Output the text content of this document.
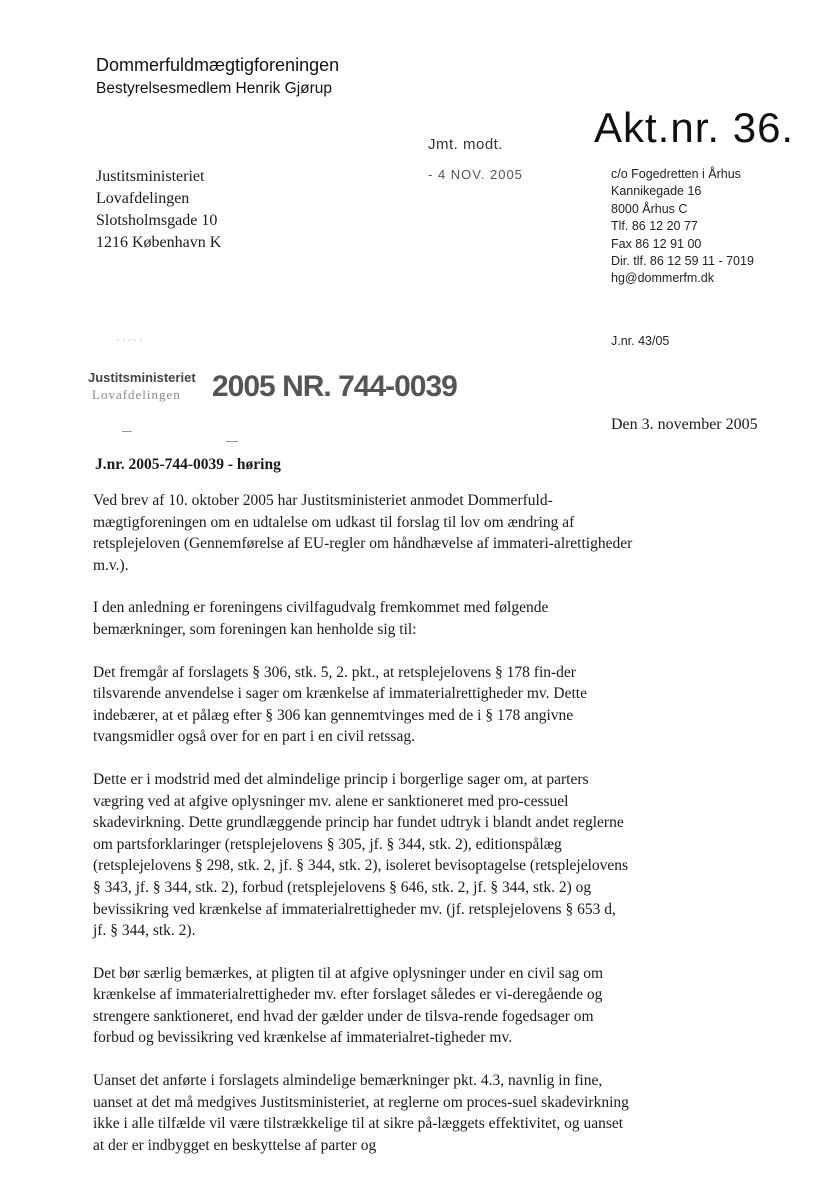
Dommerfuldmægtigforeningen
Bestyrelsesmedlem Henrik Gjørup
Jmt. modt.
- 4 NOV. 2005
Akt.nr. 36.
Justitsministeriet
Lovafdelingen
Slotsholmsgade 10
1216 København K
c/o Fogedretten i Århus
Kannikegade 16
8000 Århus C
Tlf. 86 12 20 77
Fax 86 12 91 00
Dir. tlf. 86 12 59 11 - 7019
hg@dommerfm.dk
· · · · ·	J.nr. 43/05
Justitsministeriet
Lovafdelingen 2005 NR. 744-0039
Den 3. november 2005
J.nr. 2005-744-0039 - høring

Ved brev af 10. oktober 2005 har Justitsministeriet anmodet Dommerfuld-mægtigforeningen om en udtalelse om udkast til forslag til lov om ændring af retsplejeloven (Gennemførelse af EU-regler om håndhævelse af immateri-alrettigheder m.v.).

I den anledning er foreningens civilfagudvalg fremkommet med følgende bemærkninger, som foreningen kan henholde sig til:

Det fremgår af forslagets § 306, stk. 5, 2. pkt., at retsplejelovens § 178 fin-der tilsvarende anvendelse i sager om krænkelse af immaterialrettigheder mv. Dette indebærer, at et pålæg efter § 306 kan gennemtvinges med de i § 178 angivne tvangsmidler også over for en part i en civil retssag.

Dette er i modstrid med det almindelige princip i borgerlige sager om, at parters vægring ved at afgive oplysninger mv. alene er sanktioneret med pro-cessuel skadevirkning. Dette grundlæggende princip har fundet udtryk i blandt andet reglerne om partsforklaringer (retsplejelovens § 305, jf. § 344, stk. 2), editionspålæg (retsplejelovens § 298, stk. 2, jf. § 344, stk. 2), isoleret bevisoptagelse (retsplejelovens § 343, jf. § 344, stk. 2), forbud (retsplejelovens § 646, stk. 2, jf. § 344, stk. 2) og bevissikring ved krænkelse af immaterialrettigheder mv. (jf. retsplejelovens § 653 d, jf. § 344, stk. 2).

Det bør særlig bemærkes, at pligten til at afgive oplysninger under en civil sag om krænkelse af immaterialrettigheder mv. efter forslaget således er vi-deregående og strengere sanktioneret, end hvad der gælder under de tilsva-rende fogedsager om forbud og bevissikring ved krænkelse af immaterialret-tigheder mv.

Uanset det anførte i forslagets almindelige bemærkninger pkt. 4.3, navnlig in fine, uanset at det må medgives Justitsministeriet, at reglerne om proces-suel skadevirkning ikke i alle tilfælde vil være tilstrækkelige til at sikre på-læggets effektivitet, og uanset at der er indbygget en beskyttelse af parter og
